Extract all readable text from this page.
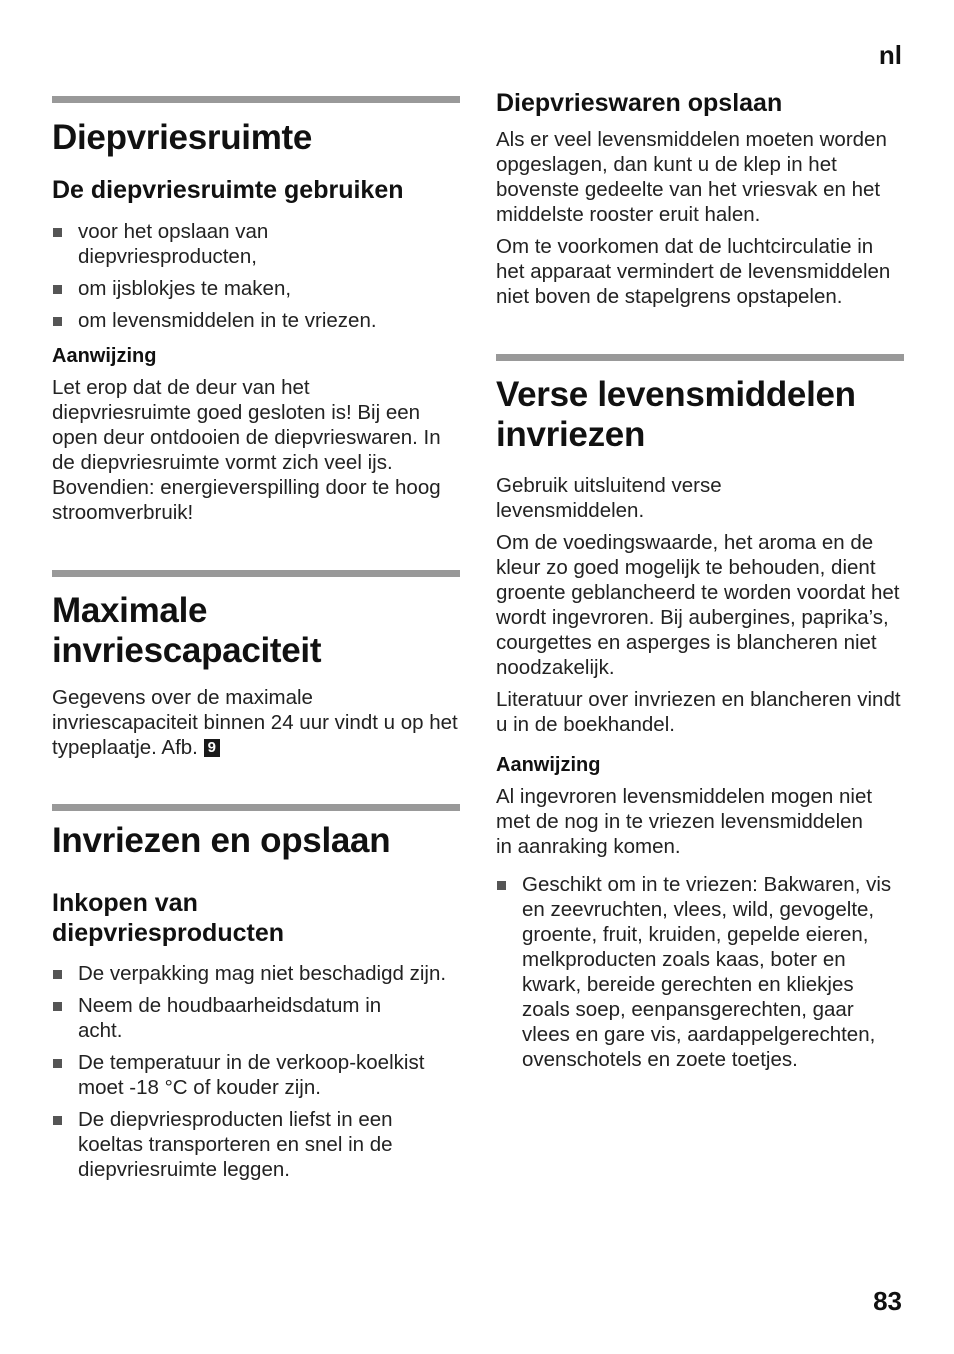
nl
Diepvriesruimte
De diepvriesruimte gebruiken
voor het opslaan van diepvriesproducten,
om ijsblokjes te maken,
om levensmiddelen in te vriezen.
Aanwijzing

Let erop dat de deur van het diepvriesruimte goed gesloten is! Bij een open deur ontdooien de diepvrieswaren. In de diepvriesruimte vormt zich veel ijs. Bovendien: energieverspilling door te hoog stroomverbruik!

Maximale invriescapaciteit

Gegevens over de maximale invriescapaciteit binnen 24 uur vindt u op het typeplaatje. Afb. 9

Invriezen en opslaan
Inkopen van diepvriesproducten
De verpakking mag niet beschadigd zijn.
Neem de houdbaarheidsdatum in acht.
De temperatuur in de verkoop-koelkist moet -18 °C of kouder zijn.
De diepvriesproducten liefst in een koeltas transporteren en snel in de diepvriesruimte leggen.
Diepvrieswaren opslaan

Als er veel levensmiddelen moeten worden opgeslagen, dan kunt u de klep in het bovenste gedeelte van het vriesvak en het middelste rooster eruit halen.

Om te voorkomen dat de luchtcirculatie in het apparaat vermindert de levensmiddelen niet boven de stapelgrens opstapelen.

Verse levensmiddelen invriezen

Gebruik uitsluitend verse levensmiddelen.

Om de voedingswaarde, het aroma en de kleur zo goed mogelijk te behouden, dient groente geblancheerd te worden voordat het wordt ingevroren. Bij aubergines, paprika’s, courgettes en asperges is blancheren niet noodzakelijk.

Literatuur over invriezen en blancheren vindt u in de boekhandel.

Aanwijzing

Al ingevroren levensmiddelen mogen niet met de nog in te vriezen levensmiddelen in aanraking komen.

Geschikt om in te vriezen: Bakwaren, vis en zeevruchten, vlees, wild, gevogelte, groente, fruit, kruiden, gepelde eieren, melkproducten zoals kaas, boter en kwark, bereide gerechten en kliekjes zoals soep, eenpansgerechten, gaar vlees en gare vis, aardappelgerechten, ovenschotels en zoete toetjes.
83
